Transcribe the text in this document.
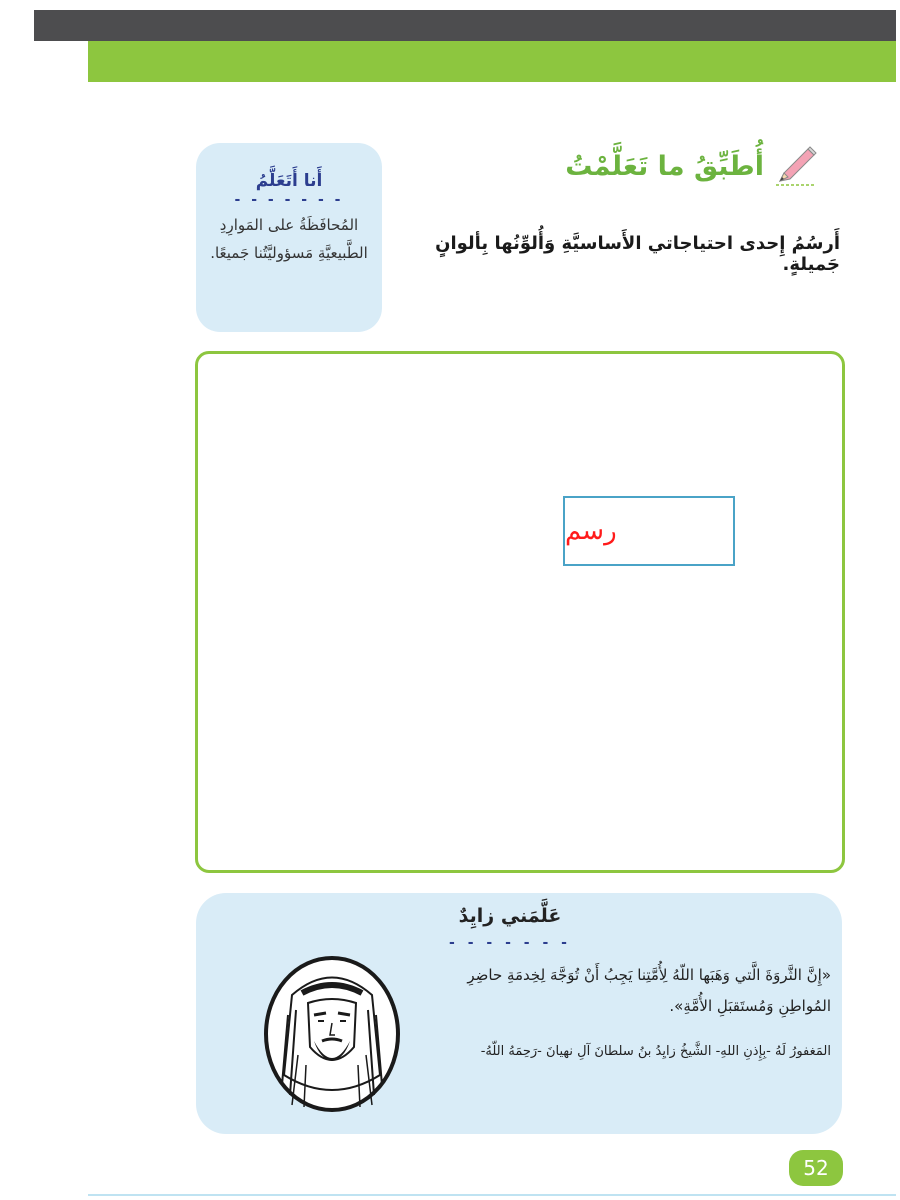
أُطَبِّقُ ما تَعَلَّمْتُ
أَرسُمُ إِحدى احتياجاتي الأَساسيَّةِ وَأُلوِّنُها بِألوانٍ جَميلةٍ.
أَنا أَتَعَلَّمُ
- - - - - - -
المُحافَظَةُ على المَوارِدِ الطَّبيعيَّةِ مَسؤوليَّتُنا جَميعًا.
رسم
عَلَّمَني زايِدٌ
- - - - - - -
«إِنَّ الثَّروَةَ الَّتي وَهَبَها اللّهُ لِأُمَّتِنا يَجِبُ أَنْ تُوَجَّهَ لِخِدمَةِ حاضِرِ المُواطِنِ وَمُستَقبَلِ الأُمَّةِ».
المَغفورُ لَهُ -بِإِذنِ اللهِ- الشَّيخُ زايِدُ بنُ سلطانَ آلِ نهيانَ -رَحِمَهُ اللّهُ-
52
